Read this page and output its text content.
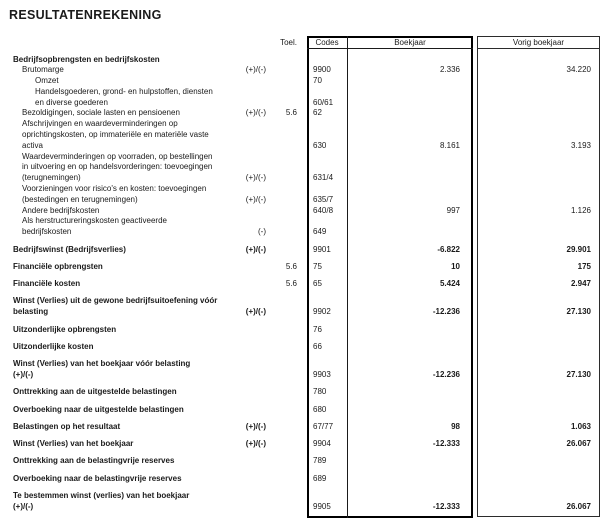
RESULTATENREKENING
Toel.	Codes	Boekjaar	Vorig boekjaar
Bedrijfsopbrengsten en bedrijfskosten
Brutomarge	(+)/(-)	9900	2.336	34.220
Omzet	70
Handelsgoederen, grond- en hulpstoffen, diensten
en diverse goederen	60/61
Bezoldigingen, sociale lasten en pensioenen	(+)/(-)	5.6	62
Afschrijvingen en waardeverminderingen op
oprichtingskosten, op immateriële en materiële vaste
activa	630	8.161	3.193
Waardeverminderingen op voorraden, op bestellingen
in uitvoering en op handelsvorderingen: toevoegingen
(terugnemingen)	(+)/(-)	631/4
Voorzieningen voor risico's en kosten: toevoegingen
(bestedingen en terugnemingen)	(+)/(-)	635/7
Andere bedrijfskosten	640/8	997	1.126
Als herstructureringskosten geactiveerde
bedrijfskosten	(-)	649
Bedrijfswinst (Bedrijfsverlies)	(+)/(-)	9901	-6.822	29.901
Financiële opbrengsten	5.6	75	10	175
Financiële kosten	5.6	65	5.424	2.947
Winst (Verlies) uit de gewone bedrijfsuitoefening vóór
belasting	(+)/(-)	9902	-12.236	27.130
Uitzonderlijke opbrengsten	76
Uitzonderlijke kosten	66
Winst (Verlies) van het boekjaar vóór belasting
(+)/(-)	9903	-12.236	27.130
Onttrekking aan de uitgestelde belastingen	780
Overboeking naar de uitgestelde belastingen	680
Belastingen op het resultaat	(+)/(-)	67/77	98	1.063
Winst (Verlies) van het boekjaar	(+)/(-)	9904	-12.333	26.067
Onttrekking aan de belastingvrije reserves	789
Overboeking naar de belastingvrije reserves	689
Te bestemmen winst (verlies) van het boekjaar
(+)/(-)	9905	-12.333	26.067
